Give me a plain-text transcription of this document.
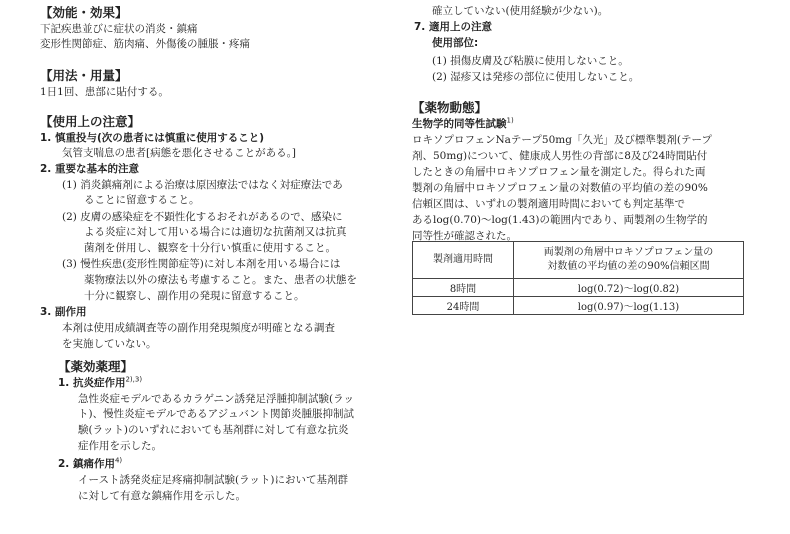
【効能・効果】
下記疾患並びに症状の消炎・鎮痛
変形性関節症、筋肉痛、外傷後の腫脹・疼痛
【用法・用量】
1日1回、患部に貼付する。
【使用上の注意】
1. 慎重投与(次の患者には慎重に使用すること)
気管支喘息の患者[病態を悪化させることがある。]
2. 重要な基本的注意
(1) 消炎鎮痛剤による治療は原因療法ではなく対症療法であ
ることに留意すること。
(2) 皮膚の感染症を不顕性化するおそれがあるので、感染に
よる炎症に対して用いる場合には適切な抗菌剤又は抗真
菌剤を併用し、観察を十分行い慎重に使用すること。
(3) 慢性疾患(変形性関節症等)に対し本剤を用いる場合には
薬物療法以外の療法も考慮すること。また、患者の状態を
十分に観察し、副作用の発現に留意すること。
3. 副作用
本剤は使用成績調査等の副作用発現頻度が明確となる調査
を実施していない。
【薬効薬理】
1. 抗炎症作用$^{2),3)}$
急性炎症モデルであるカラゲニン誘発足浮腫抑制試験(ラッ
ト)、慢性炎症モデルであるアジュバント関節炎腫脹抑制試
験(ラット)のいずれにおいても基剤群に対して有意な抗炎
症作用を示した。
2. 鎮痛作用$^{4)}$
イースト誘発炎症足疼痛抑制試験(ラット)において基剤群
に対して有意な鎮痛作用を示した。
確立していない(使用経験が少ない)。
7. 適用上の注意
使用部位:
(1) 損傷皮膚及び粘膜に使用しないこと。
(2) 湿疹又は発疹の部位に使用しないこと。
【薬物動態】
生物学的同等性試験$^{1)}$
ロキソプロフェンNaテープ50mg「久光」及び標準製剤(テープ
剤、50mg)について、健康成人男性の背部に8及び24時間貼付
したときの角層中ロキソプロフェン量を測定した。得られた両
製剤の角層中ロキソプロフェン量の対数値の平均値の差の90%
信頼区間は、いずれの製剤適用時間においても判定基準で
あるlog(0.70)～log(1.43)の範囲内であり、両製剤の生物学的
同等性が確認された。
製剤適用時間	両製剤の角層中ロキソプロフェン量の
対数値の平均値の差の90%信頼区間

8時間	log(0.72)～log(0.82)
24時間	log(0.97)～log(1.13)
